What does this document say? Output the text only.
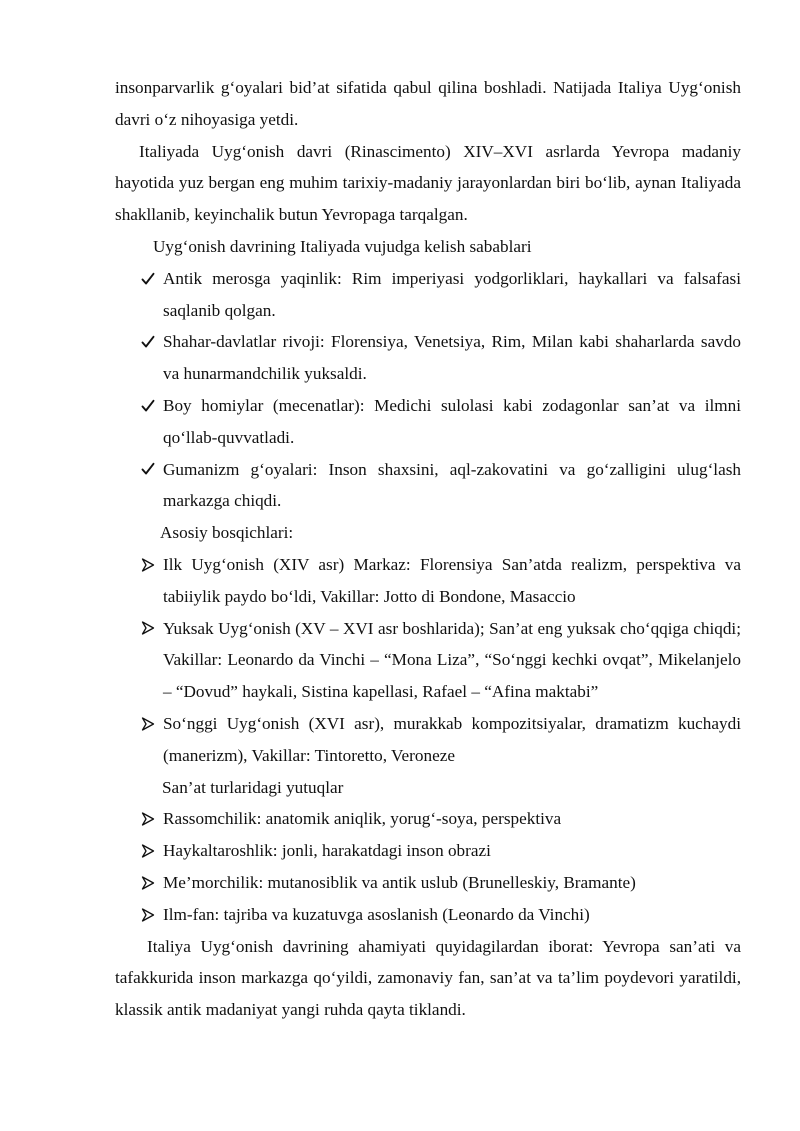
insonparvarlik g‘oyalari bid’at sifatida qabul qilina boshladi. Natijada Italiya Uyg‘onish davri o‘z nihoyasiga yetdi.

Italiyada Uyg‘onish davri (Rinascimento) XIV–XVI asrlarda Yevropa madaniy hayotida yuz bergan eng muhim tarixiy-madaniy jarayonlardan biri bo‘lib, aynan Italiyada shakllanib, keyinchalik butun Yevropaga tarqalgan.

Uyg‘onish davrining Italiyada vujudga kelish sabablari

Antik merosga yaqinlik: Rim imperiyasi yodgorliklari, haykallari va falsafasi saqlanib qolgan.
Shahar-davlatlar rivoji: Florensiya, Venetsiya, Rim, Milan kabi shaharlarda savdo va hunarmandchilik yuksaldi.
Boy homiylar (mecenatlar): Medichi sulolasi kabi zodagonlar san’at va ilmni qo‘llab-quvvatladi.
Gumanizm g‘oyalari: Inson shaxsini, aql-zakovatini va go‘zalligini ulug‘lash markazga chiqdi.

Asosiy bosqichlari:

Ilk Uyg‘onish (XIV asr) Markaz: Florensiya San’atda realizm, perspektiva va tabiiylik paydo bo‘ldi, Vakillar: Jotto di Bondone, Masaccio
Yuksak Uyg‘onish (XV – XVI asr boshlarida); San’at eng yuksak cho‘qqiga chiqdi; Vakillar: Leonardo da Vinchi – “Mona Liza”, “So‘nggi kechki ovqat”, Mikelanjelo – “Dovud” haykali, Sistina kapellasi, Rafael – “Afina maktabi”
So‘nggi Uyg‘onish (XVI asr), murakkab kompozitsiyalar, dramatizm kuchaydi (manerizm), Vakillar: Tintoretto, Veroneze

San’at turlaridagi yutuqlar

Rassomchilik: anatomik aniqlik, yorug‘-soya, perspektiva
Haykaltaroshlik: jonli, harakatdagi inson obrazi
Me’morchilik: mutanosiblik va antik uslub (Brunelleskiy, Bramante)
Ilm-fan: tajriba va kuzatuvga asoslanish (Leonardo da Vinchi)

Italiya Uyg‘onish davrining ahamiyati quyidagilardan iborat: Yevropa san’ati va tafakkurida inson markazga qo‘yildi, zamonaviy fan, san’at va ta’lim poydevori yaratildi, klassik antik madaniyat yangi ruhda qayta tiklandi.
